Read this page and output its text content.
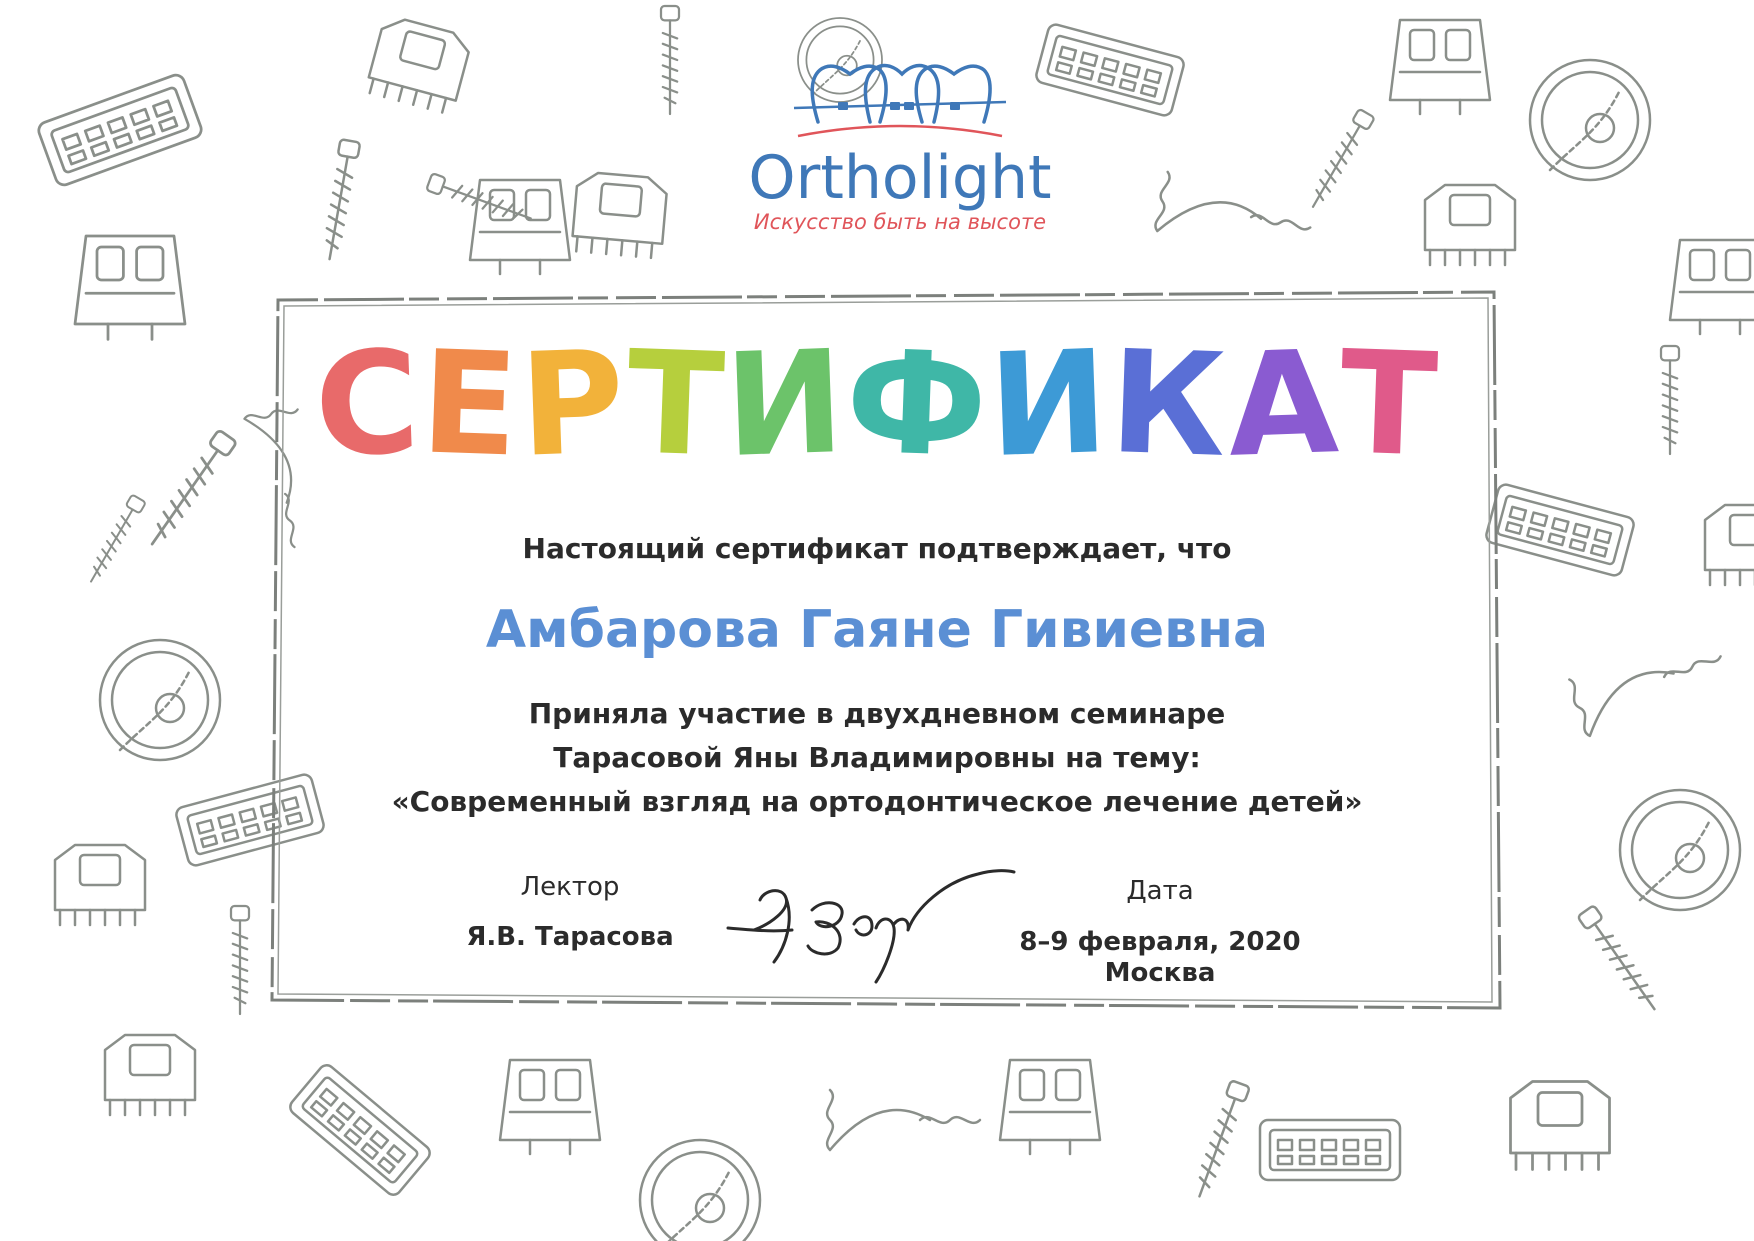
Ortholight
Искусство быть на высоте
СЕРТИФИКАТ
Настоящий сертификат подтверждает, что
Амбарова Гаяне Гивиевна
Приняла участие в двухдневном семинаре
Тарасовой Яны Владимировны на тему:
«Современный взгляд на ортодонтическое лечение детей»
Лектор
Я.В. Тарасова
Дата
8–9 февраля, 2020
Москва
